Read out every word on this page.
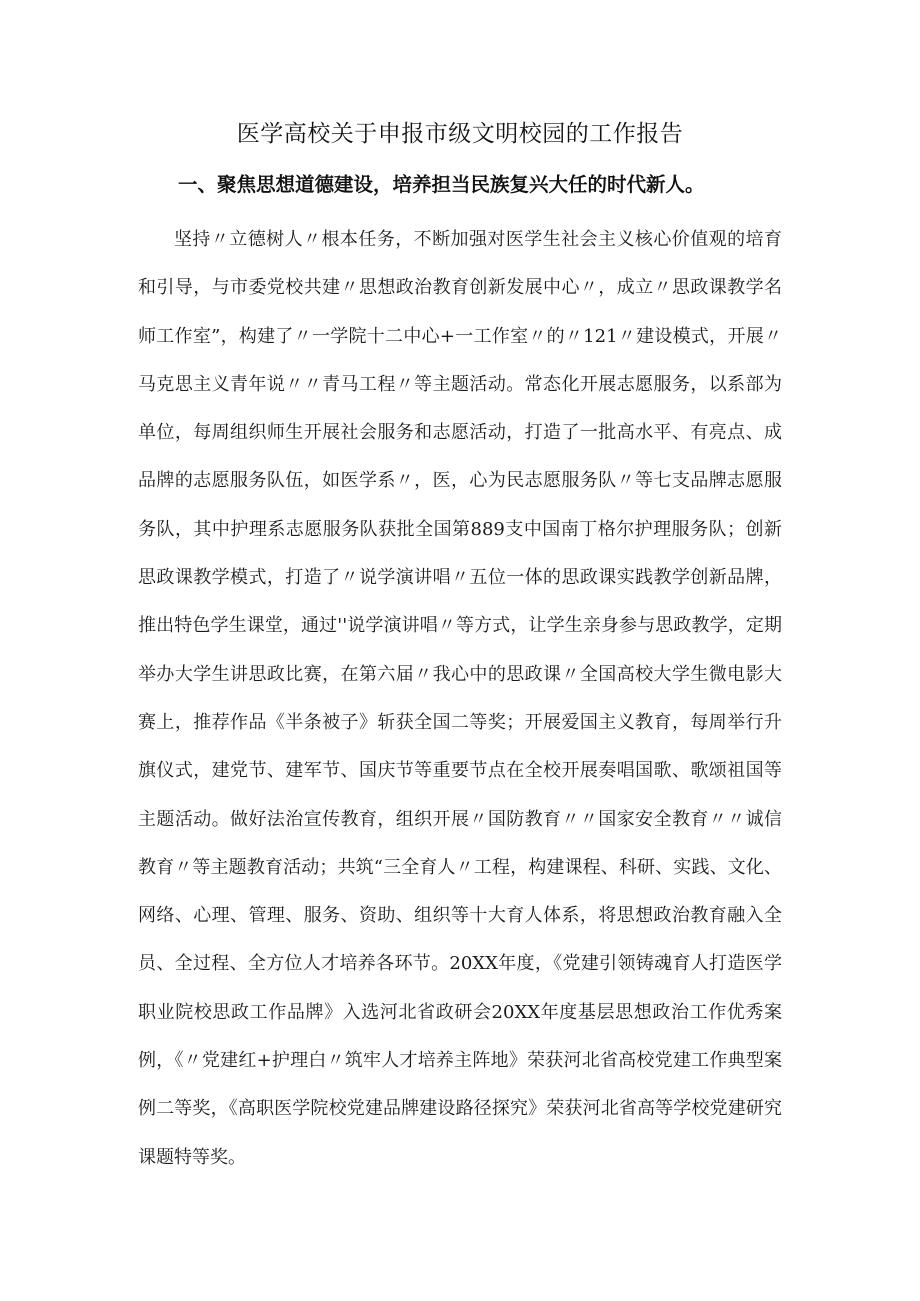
医学高校关于申报市级文明校园的工作报告
一、聚焦思想道德建设，培养担当民族复兴大任的时代新人。

坚持〃立德树人〃根本任务，不断加强对医学生社会主义核心价值观的培育和引导，与市委党校共建〃思想政治教育创新发展中心〃，成立〃思政课教学名师工作室”，构建了〃一学院十二中心+一工作室〃的〃121〃建设模式，开展〃马克思主义青年说〃〃青马工程〃等主题活动。常态化开展志愿服务，以系部为单位，每周组织师生开展社会服务和志愿活动，打造了一批高水平、有亮点、成品牌的志愿服务队伍，如医学系〃，医，心为民志愿服务队〃等七支品牌志愿服务队，其中护理系志愿服务队获批全国第889支中国南丁格尔护理服务队；创新思政课教学模式，打造了〃说学演讲唱〃五位一体的思政课实践教学创新品牌，推出特色学生课堂，通过''说学演讲唱〃等方式，让学生亲身参与思政教学，定期举办大学生讲思政比赛，在第六届〃我心中的思政课〃全国高校大学生微电影大赛上，推荐作品《半条被子》斩获全国二等奖；开展爱国主义教育，每周举行升旗仪式，建党节、建军节、国庆节等重要节点在全校开展奏唱国歌、歌颂祖国等主题活动。做好法治宣传教育，组织开展〃国防教育〃〃国家安全教育〃〃诚信教育〃等主题教育活动；共筑“三全育人〃工程，构建课程、科研、实践、文化、网络、心理、管理、服务、资助、组织等十大育人体系，将思想政治教育融入全员、全过程、全方位人才培养各环节。20XX年度，《党建引领铸魂育人打造医学职业院校思政工作品牌》入选河北省政研会20XX年度基层思想政治工作优秀案例，《〃党建红+护理白〃筑牢人才培养主阵地》荣获河北省高校党建工作典型案例二等奖，《高职医学院校党建品牌建设路径探究》荣获河北省高等学校党建研究课题特等奖。
